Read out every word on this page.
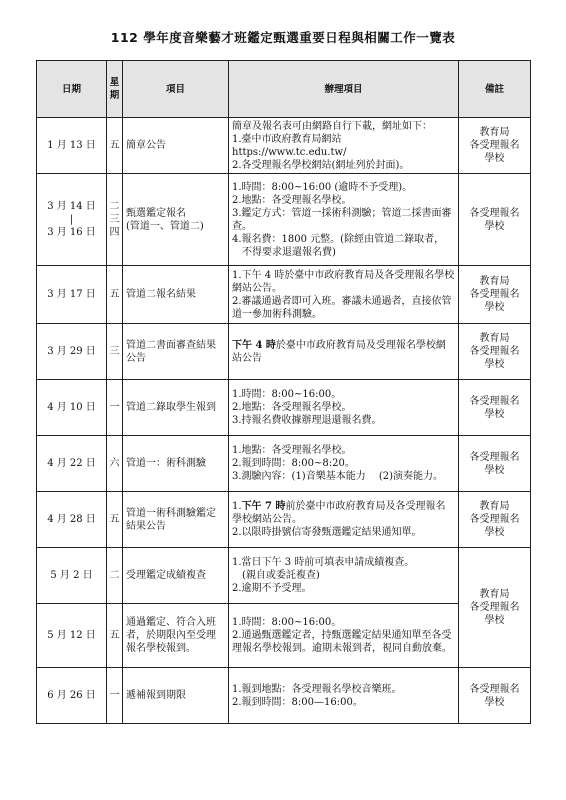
112 學年度音樂藝才班鑑定甄選重要日程與相關工作一覽表
日期	星期	項目	辦理項目	備註
1 月 13 日	五	簡章公告	簡章及報名表可由網路自行下載，網址如下：
1.臺中市政府教育局網站
https://www.tc.edu.tw/
2.各受理報名學校網站(網址列於封面)。	教育局
各受理報名
學校
3 月 14 日
|
3 月 16 日	二
三
四	甄選鑑定報名
(管道一、管道二)	1.時間：8:00~16:00 (逾時不予受理)。
2.地點：各受理報名學校。
3.鑑定方式：管道一採術科測驗；管道二採書面審查。
4.報名費：1800 元整。(除經由管道二錄取者，
不得要求退還報名費)	各受理報名
學校
3 月 17 日	五	管道二報名結果	1.下午 4 時於臺中市政府教育局及各受理報名學校網站公告。
2.審議通過者即可入班。審議未通過者，直接依管道一參加術科測驗。	教育局
各受理報名
學校
3 月 29 日	三	管道二書面審查結果公告	下午 4 時於臺中市政府教育局及受理報名學校網站公告	教育局
各受理報名
學校
4 月 10 日	一	管道二錄取學生報到	1.時間：8:00~16:00。
2.地點：各受理報名學校。
3.持報名費收據辦理退還報名費。	各受理報名
學校
4 月 22 日	六	管道一：術科測驗	1.地點：各受理報名學校。
2.報到時間：8:00~8:20。
3.測驗內容：(1)音樂基本能力 　(2)演奏能力。	各受理報名
學校
4 月 28 日	五	管道一術科測驗鑑定結果公告	1.下午 7 時前於臺中市政府教育局及各受理報名學校網站公告。
2.以限時掛號信寄發甄選鑑定結果通知單。	教育局
各受理報名
學校
5 月 2 日	二	受理鑑定成績複查	1.當日下午 3 時前可填表申請成績複查。
(親自或委託複查)
2.逾期不予受理。	教育局
各受理報名
學校
5 月 12 日	五	通過鑑定、符合入班者，於期限內至受理報名學校報到。	1.時間：8:00~16:00。
2.通過甄選鑑定者，持甄選鑑定結果通知單至各受理報名學校報到。逾期未報到者，視同自動放棄。	

6 月 26 日	一	遞補報到期限	1.報到地點：各受理報名學校音樂班。
2.報到時間：8:00—16:00。	各受理報名
學校
